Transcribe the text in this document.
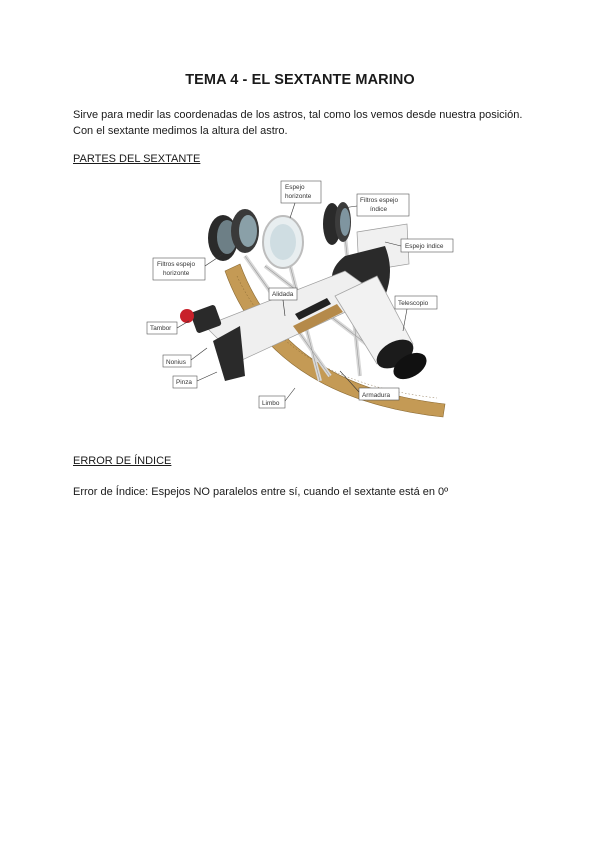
TEMA 4 - EL SEXTANTE MARINO
Sirve para medir las coordenadas de los astros, tal como los vemos desde nuestra posición.
Con el sextante medimos la altura del astro.
PARTES DEL SEXTANTE
Espejo
horizonte
Filtros espejo
índice
Espejo índice
Filtros espejo
horizonte
Alidada
Telescopio
Tambor
Nonius
Pinza
Limbo
Armadura
ERROR DE ÍNDICE
Error de Índice: Espejos NO paralelos entre sí, cuando el sextante está en 0º
